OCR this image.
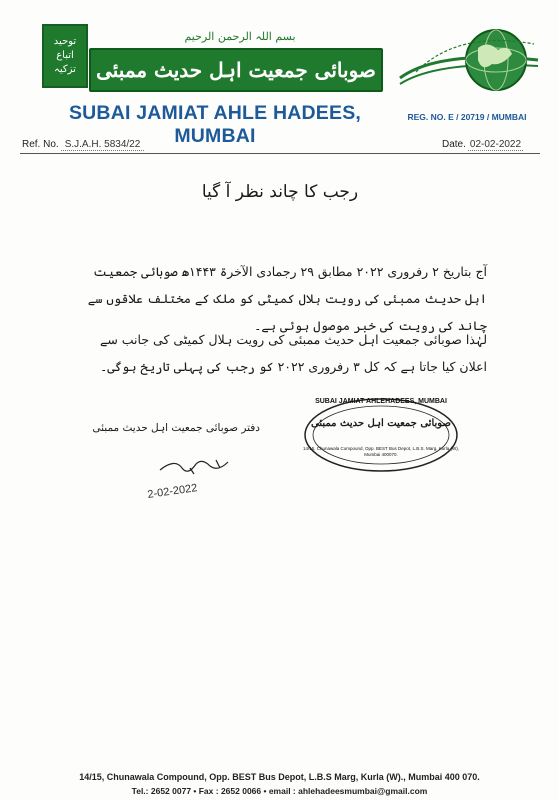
توحید
اتباع
تزکیہ
بسم اللہ الرحمن الرحیم
صوبائی جمعیت اہل حدیث ممبئی
SUBAI JAMIAT AHLE HADEES, MUMBAI
REG. NO. E / 20719 / MUMBAI
Ref. No. S.J.A.H. 5834/22	Date. 02-02-2022
رجب کا چاند نظر آ گیا
آج بتاریخ ۲ رفروری ۲۰۲۲ مطابق ۲۹ رجمادی الآخرۃ ۱۴۴۳ھ صوبائی جمعیت اہل حدیث ممبئی کی رویت ہلال کمیٹی کو ملک کے مختلف علاقوں سے چاند کی رویت کی خبر موصول ہوئی ہے۔
لہٰذا صوبائی جمعیت اہل حدیث ممبئی کی رویت ہلال کمیٹی کی جانب سے اعلان کیا جاتا ہے کہ کل ۳ رفروری ۲۰۲۲ کو رجب کی پہلی تاریخ ہوگی۔
دفتر صوبائی جمعیت اہل حدیث ممبئی
2-02-2022
SUBAI JAMIAT AHLEHADEES, MUMBAI
صوبائی جمعیت اہل حدیث ممبئی
14/15, Chunawala Compound, Opp. BEST Bus Depot, L.B.S. Marg, Kurla (W), Mumbai 400070.
14/15, Chunawala Compound, Opp. BEST Bus Depot, L.B.S Marg, Kurla (W)., Mumbai 400 070.
Tel.: 2652 0077 • Fax : 2652 0066 • email : ahlehadeesmumbai@gmail.com
